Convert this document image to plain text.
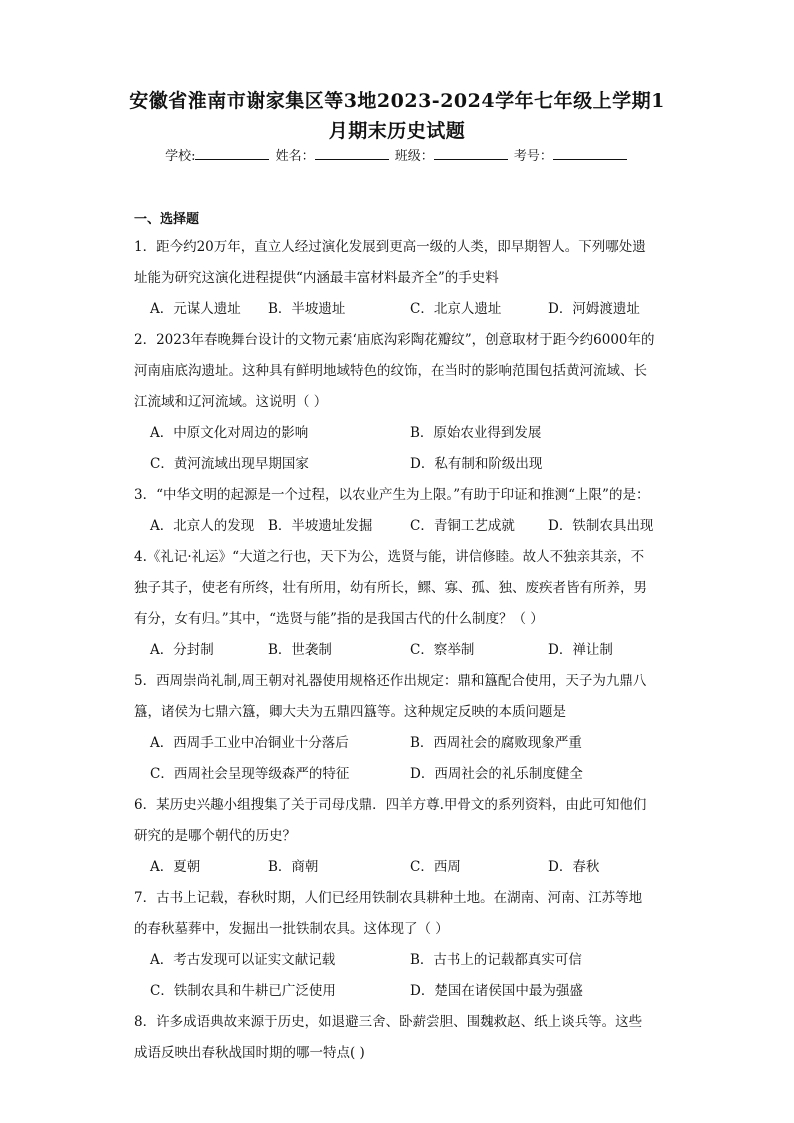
安徽省淮南市谢家集区等3地2023-2024学年七年级上学期1
月期末历史试题
学校:	姓名：	班级：	考号：
一、选择题
1．距今约20万年，直立人经过演化发展到更高一级的人类，即早期智人。下列哪处遗
址能为研究这演化进程提供“内涵最丰富材料最齐全”的手史料
A．元谋人遗址 B．半坡遗址	C．北京人遗址	D．河姆渡遗址
2．2023年春晚舞台设计的文物元素‘庙底沟彩陶花瓣纹”，创意取材于距今约6000年的
河南庙底沟遗址。这种具有鲜明地域特色的纹饰，在当时的影响范围包括黄河流域、长
江流域和辽河流域。这说明（ ）
A．中原文化对周边的影响	B．原始农业得到发展
C．黄河流域出现早期国家	D．私有制和阶级出现
3．“中华文明的起源是一个过程，以农业产生为上限。”有助于印证和推测“上限”的是：
A．北京人的发现 B．半坡遗址发掘	C．青铜工艺成就 D．铁制农具出现
4.《礼记·礼运》“大道之行也，天下为公，选贤与能，讲信修睦。故人不独亲其亲，不
独子其子，使老有所终，壮有所用，幼有所长，鳏、寡、孤、独、废疾者皆有所养，男
有分，女有归。”其中，“选贤与能”指的是我国古代的什么制度？（ ）
A．分封制	B．世袭制	C．察举制	D．禅让制
5．西周崇尚礼制,周王朝对礼器使用规格还作出规定：鼎和簋配合使用，天子为九鼎八
簋，诸侯为七鼎六簋，卿大夫为五鼎四簋等。这种规定反映的本质问题是
A．西周手工业中冶铜业十分落后	B．西周社会的腐败现象严重
C．西周社会呈现等级森严的特征	D．西周社会的礼乐制度健全
6．某历史兴趣小组搜集了关于司母戊鼎．四羊方尊.甲骨文的系列资料，由此可知他们
研究的是哪个朝代的历史？
A．夏朝	B．商朝	C．西周	D．春秋
7．古书上记载，春秋时期，人们已经用铁制农具耕种土地。在湖南、河南、江苏等地
的春秋墓葬中，发掘出一批铁制农具。这体现了（ ）
A．考古发现可以证实文献记载	B．古书上的记载都真实可信
C．铁制农具和牛耕已广泛使用	D．楚国在诸侯国中最为强盛
8．许多成语典故来源于历史，如退避三舍、卧薪尝胆、围魏救赵、纸上谈兵等。这些
成语反映出春秋战国时期的哪一特点( )
